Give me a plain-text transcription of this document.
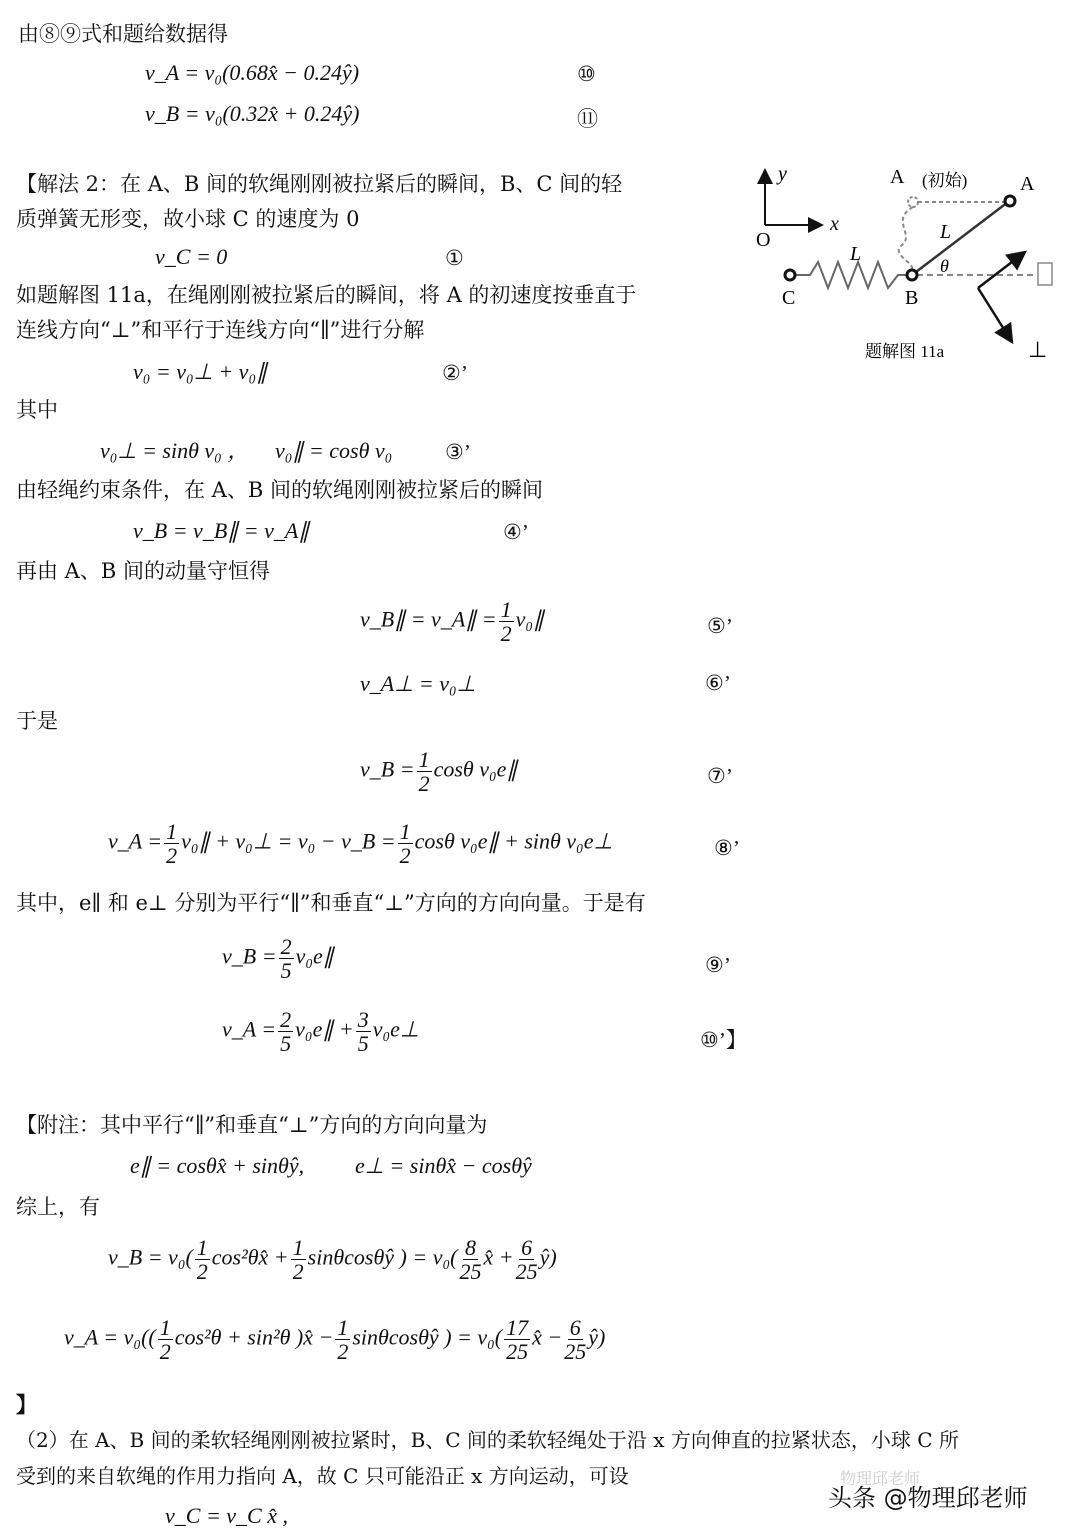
由⑧⑨式和题给数据得
v_A = v₀(0.68x̂ − 0.24ŷ)	⑩
v_B = v₀(0.32x̂ + 0.24ŷ)	⑪
【解法 2：在 A、B 间的软绳刚刚被拉紧后的瞬间，B、C 间的轻
质弹簧无形变，故小球 C 的速度为 0
v_C = 0	①
如题解图 11a，在绳刚刚被拉紧后的瞬间，将 A 的初速度按垂直于
连线方向“⊥”和平行于连线方向“∥”进行分解
v₀ = v₀⊥ + v₀∥	②’
其中
v₀⊥ = sinθ v₀ ， v₀∥ = cosθ v₀	③’
由轻绳约束条件，在 A、B 间的软绳刚刚被拉紧后的瞬间
v_B = v_B∥ = v_A∥	④’
再由 A、B 间的动量守恒得
v_B∥ = v_A∥ = $\frac{1}{2}$ v₀∥	⑤’
v_A⊥ = v₀⊥	⑥’
于是
v_B = $\frac{1}{2}$ cosθ v₀e∥	⑦’
v_A = $\frac{1}{2}$ v₀∥ + v₀⊥ = v₀ − v_B = $\frac{1}{2}$ cosθ v₀e∥ + sinθ v₀e⊥	⑧’
其中，e∥ 和 e⊥ 分别为平行“∥”和垂直“⊥”方向的方向向量。于是有
v_B = $\frac{2}{5}$ v₀e∥	⑨’
v_A = $\frac{2}{5}$ v₀e∥ + $\frac{3}{5}$ v₀e⊥	⑩’】
【附注：其中平行“∥”和垂直“⊥”方向的方向向量为
e∥ = cosθx̂ + sinθŷ, e⊥ = sinθx̂ − cosθŷ
综上，有
v_B = $v_0( \frac{1}{2}$ cos²θx̂ + $\frac{1}{2}$ sinθcosθŷ ) = $v_0( \frac{8}{25}$ x̂ + $\frac{6}{25}$ ŷ)
v_A = $v_0(( \frac{1}{2} \cos^2\theta + \sin^2\theta$ )x̂ − $\frac{1}{2}$ sinθcosθŷ ) = $v_0( \frac{17}{25}$ x̂ − $\frac{6}{25}$ ŷ)
】
（2）在 A、B 间的柔软轻绳刚刚被拉紧时，B、C 间的柔软轻绳处于沿 x 方向伸直的拉紧状态，小球 C 所
受到的来自软绳的作用力指向 A，故 C 只可能沿正 x 方向运动，可设
v_C = v_C x̂ ,
物理邱老师
头条 @物理邱老师
y
x
O
A (初始)	A
L
θ
L
C	B
⊥
题解图 11a
